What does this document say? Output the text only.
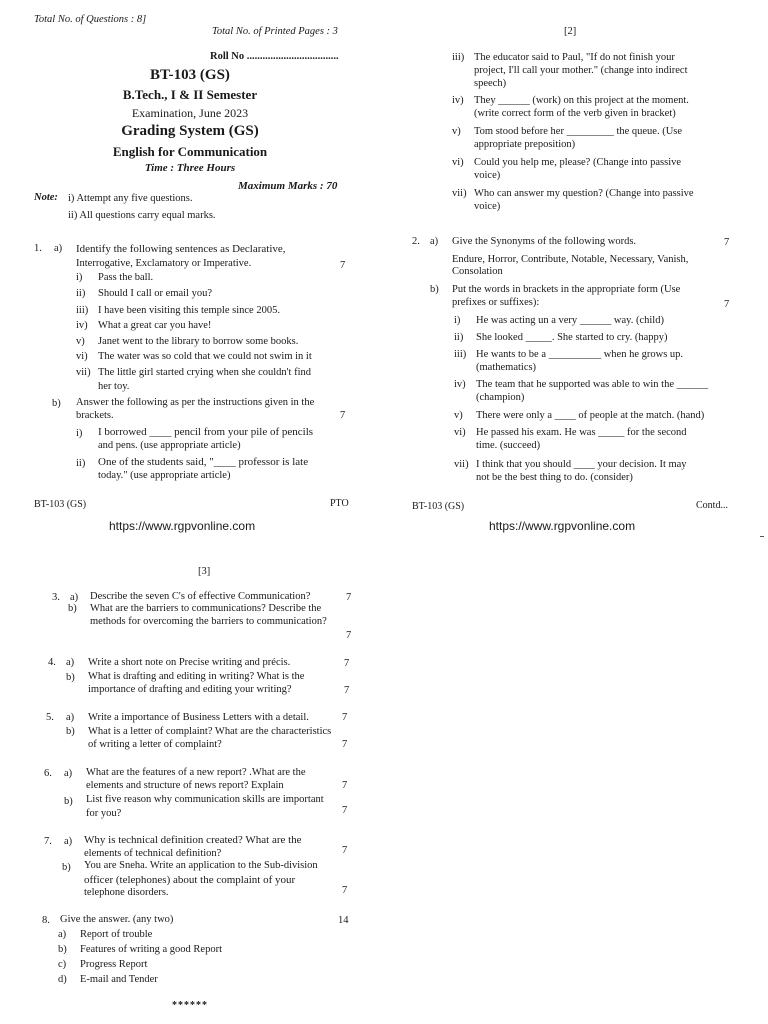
Total No. of Questions : 8]
Total No. of Printed Pages : 3
Roll No ...................................
BT-103 (GS)
B.Tech., I & II Semester
Examination, June 2023
Grading System (GS)
English for Communication
Time : Three Hours
Maximum Marks : 70
Note: i) Attempt any five questions.
ii) All questions carry equal marks.
1. a) Identify the following sentences as Declarative,
Interrogative, Exclamatory or Imperative.	7
i) Pass the ball.
ii) Should I call or email you?
iii) I have been visiting this temple since 2005.
iv) What a great car you have!
v) Janet went to the library to borrow some books.
vi) The water was so cold that we could not swim in it
vii) The little girl started crying when she couldn't find
her toy.
b) Answer the following as per the instructions given in the
brackets.	7
i) I borrowed ____ pencil from your pile of pencils
and pens. (use appropriate article)
ii) One of the students said, "____ professor is late
today." (use appropriate article)
BT-103 (GS)	PTO
https://www.rgpvonline.com
[2]
iii) The educator said to Paul, "If do not finish your
project, I'll call your mother." (change into indirect
speech)
iv) They ______ (work) on this project at the moment.
(write correct form of the verb given in bracket)
v) Tom stood before her _________ the queue. (Use
appropriate preposition)
vi) Could you help me, please? (Change into passive
voice)
vii) Who can answer my question? (Change into passive
voice)
2. a) Give the Synonyms of the following words.	7
Endure, Horror, Contribute, Notable, Necessary, Vanish,
Consolation
b) Put the words in brackets in the appropriate form (Use
prefixes or suffixes):	7
i) He was acting un a very ______ way. (child)
ii) She looked _____. She started to cry. (happy)
iii) He wants to be a __________ when he grows up.
(mathematics)
iv) The team that he supported was able to win the ______
(champion)
v) There were only a ____ of people at the match. (hand)
vi) He passed his exam. He was _____ for the second
time. (succeed)
vii) I think that you should ____ your decision. It may
not be the best thing to do. (consider)
BT-103 (GS)	Contd...
https://www.rgpvonline.com
[3]
3. a) Describe the seven C's of effective Communication?	7
b) What are the barriers to communications? Describe the
methods for overcoming the barriers to communication?
7
4. a) Write a short note on Precise writing and précis.	7
b) What is drafting and editing in writing? What is the
importance of drafting and editing your writing?	7
5. a) Write a importance of Business Letters with a detail.	7
b) What is a letter of complaint? What are the characteristics
of writing a letter of complaint?	7
6. a) What are the features of a new report? .What are the
elements and structure of news report? Explain	7
b) List five reason why communication skills are important
for you?	7
7. a) Why is technical definition created? What are the
elements of technical definition?	7
b) You are Sneha. Write an application to the Sub-division
officer (telephones) about the complaint of your
telephone disorders.	7
8. Give the answer. (any two)	14
a) Report of trouble
b) Features of writing a good Report
c) Progress Report
d) E-mail and Tender
******
